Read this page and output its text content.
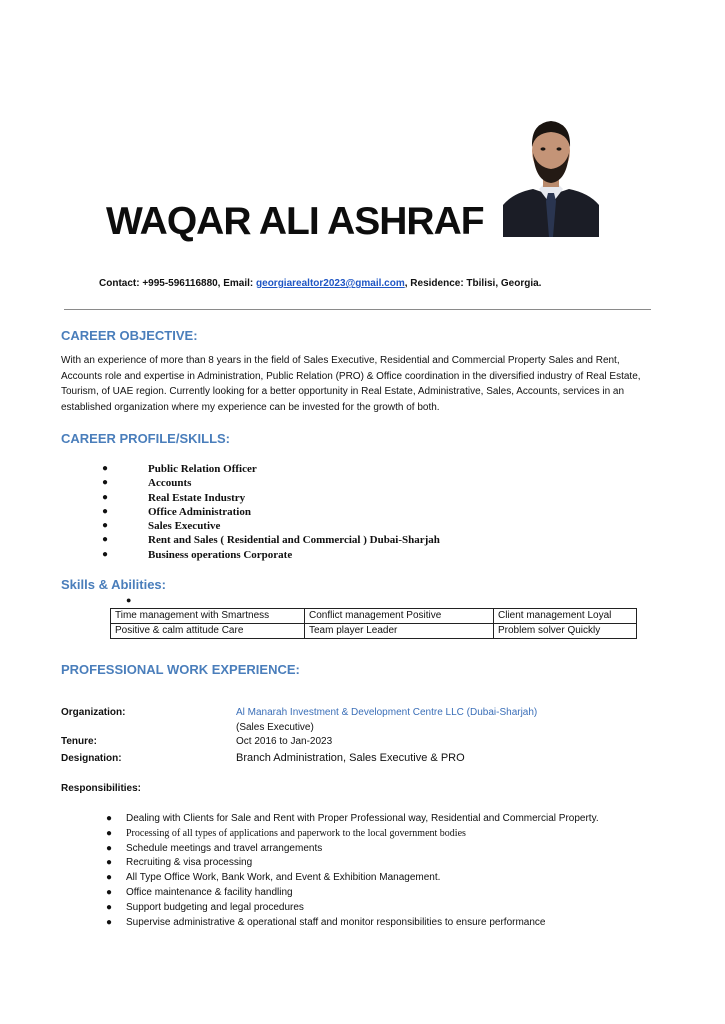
WAQAR ALI ASHRAF
Contact: +995-596116880, Email: georgiarealtor2023@gmail.com, Residence: Tbilisi, Georgia.
CAREER OBJECTIVE:
With an experience of more than 8 years in the field of Sales Executive, Residential and Commercial Property Sales and Rent, Accounts role and expertise in Administration, Public Relation (PRO) & Office coordination in the diversified industry of Real Estate, Tourism, of UAE region. Currently looking for a better opportunity in Real Estate, Administrative, Sales, Accounts, services in an established organization where my experience can be invested for the growth of both.
CAREER PROFILE/SKILLS:
●	Public Relation Officer
●	Accounts
●	Real Estate Industry
●	Office Administration
●	Sales Executive
●	Rent and Sales ( Residential and Commercial ) Dubai-Sharjah
●	Business operations Corporate
Skills & Abilities:
●
Time management with Smartness	Conflict management Positive	Client management Loyal
Positive & calm attitude Care	Team player Leader	Problem solver Quickly
PROFESSIONAL WORK EXPERIENCE:
Organization:	Al Manarah Investment & Development Centre LLC (Dubai-Sharjah)
(Sales Executive)
Tenure:	Oct 2016 to Jan-2023
Designation:	Branch Administration, Sales Executive & PRO
Responsibilities:
● Dealing with Clients for Sale and Rent with Proper Professional way, Residential and Commercial Property.
● Processing of all types of applications and paperwork to the local government bodies
● Schedule meetings and travel arrangements
● Recruiting & visa processing
● All Type Office Work, Bank Work, and Event & Exhibition Management.
● Office maintenance & facility handling
● Support budgeting and legal procedures
● Supervise administrative & operational staff and monitor responsibilities to ensure performance
